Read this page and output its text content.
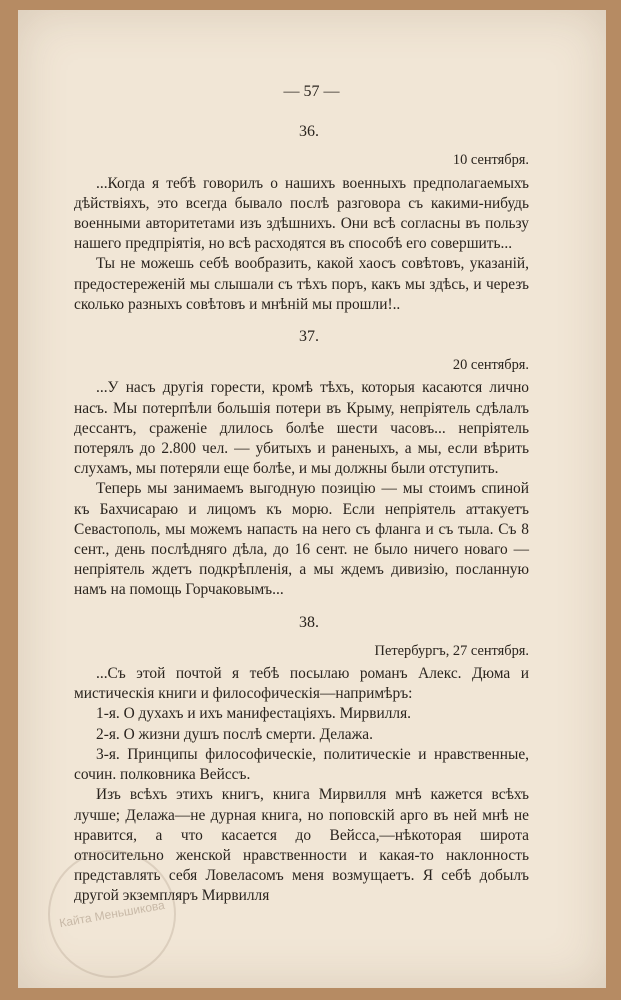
— 57 —
36.
10 сентября.

...Когда я тебѣ говорилъ о нашихъ военныхъ предполагаемыхъ дѣйствіяхъ, это всегда бывало послѣ разговора съ какими-нибудь военными авторитетами изъ здѣшнихъ. Они всѣ согласны въ пользу нашего предпріятія, но всѣ расходятся въ способѣ его совершить...

Ты не можешь себѣ вообразить, какой хаосъ совѣтовъ, указаній, предостереженій мы слышали съ тѣхъ поръ, какъ мы здѣсь, и черезъ сколько разныхъ совѣтовъ и мнѣній мы прошли!..

37.
20 сентября.

...У насъ другія горести, кромѣ тѣхъ, которыя касаются лично насъ. Мы потерпѣли большія потери въ Крыму, непріятель сдѣлалъ дессантъ, сраженіе длилось болѣе шести часовъ... непріятель потерялъ до 2.800 чел. — убитыхъ и раненыхъ, а мы, если вѣрить слухамъ, мы потеряли еще болѣе, и мы должны были отступить.

Теперь мы занимаемъ выгодную позицію — мы стоимъ спиной къ Бахчисараю и лицомъ къ морю. Если непріятель аттакуетъ Севастополь, мы можемъ напасть на него съ фланга и съ тыла. Съ 8 сент., день послѣдняго дѣла, до 16 сент. не было ничего новаго — непріятель ждетъ подкрѣпленія, а мы ждемъ дивизію, посланную намъ на помощь Горчаковымъ...

38.
Петербургъ, 27 сентября.

...Съ этой почтой я тебѣ посылаю романъ Алекс. Дюма и мистическія книги и философическія—напримѣръ:

1-я. О духахъ и ихъ манифестаціяхъ. Мирвилля.

2-я. О жизни душъ послѣ смерти. Делажа.

3-я. Принципы философическіе, политическіе и нравственные, сочин. полковника Вейссъ.

Изъ всѣхъ этихъ книгъ, книга Мирвилля мнѣ кажется всѣхъ лучше; Делажа—не дурная книга, но поповскій арго въ ней мнѣ не нравится, а что касается до Вейсса,—нѣкоторая широта относительно женской нравственности и какая-то наклонность представлять себя Ловеласомъ меня возмущаетъ. Я себѣ добылъ другой экземпляръ Мирвилля

Кайта Меньшикова
